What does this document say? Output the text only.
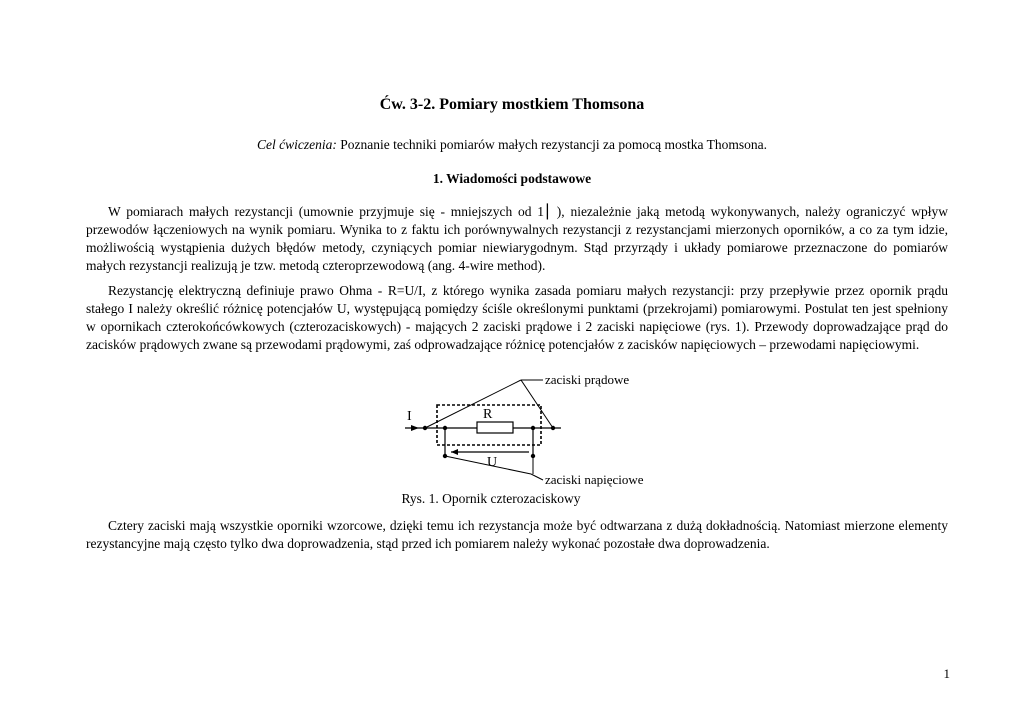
Ćw. 3-2. Pomiary mostkiem Thomsona
Cel ćwiczenia: Poznanie techniki pomiarów małych rezystancji za pomocą mostka Thomsona.
1. Wiadomości podstawowe

W pomiarach małych rezystancji (umownie przyjmuje się - mniejszych od 1⎮ ), niezależnie jaką metodą wykonywanych, należy ograniczyć wpływ przewodów łączeniowych na wynik pomiaru. Wynika to z faktu ich porównywalnych rezystancji z rezystancjami mierzonych oporników, a co za tym idzie, możliwością wystąpienia dużych błędów metody, czyniących pomiar niewiarygodnym. Stąd przyrządy i układy pomiarowe przeznaczone do pomiarów małych rezystancji realizują je tzw. metodą czteroprzewodową (ang. 4-wire method).

Rezystancję elektryczną definiuje prawo Ohma - R=U/I, z którego wynika zasada pomiaru małych rezystancji: przy przepływie przez opornik prądu stałego I należy określić różnicę potencjałów U, występującą pomiędzy ściśle określonymi punktami (przekrojami) pomiarowymi. Postulat ten jest spełniony w opornikach czterokońcówkowych (czterozaciskowych) - mających 2 zaciski prądowe i 2 zaciski napięciowe (rys. 1). Przewody doprowadzające prąd do zacisków prądowych zwane są przewodami prądowymi, zaś odprowadzające różnicę potencjałów z zacisków napięciowych – przewodami napięciowymi.

zaciski prądowe
zaciski napięciowe
I	R
U
Rys. 1. Opornik czterozaciskowy

Cztery zaciski mają wszystkie oporniki wzorcowe, dzięki temu ich rezystancja może być odtwarzana z dużą dokładnością. Natomiast mierzone elementy rezystancyjne mają często tylko dwa doprowadzenia, stąd przed ich pomiarem należy wykonać pozostałe dwa doprowadzenia.

1
